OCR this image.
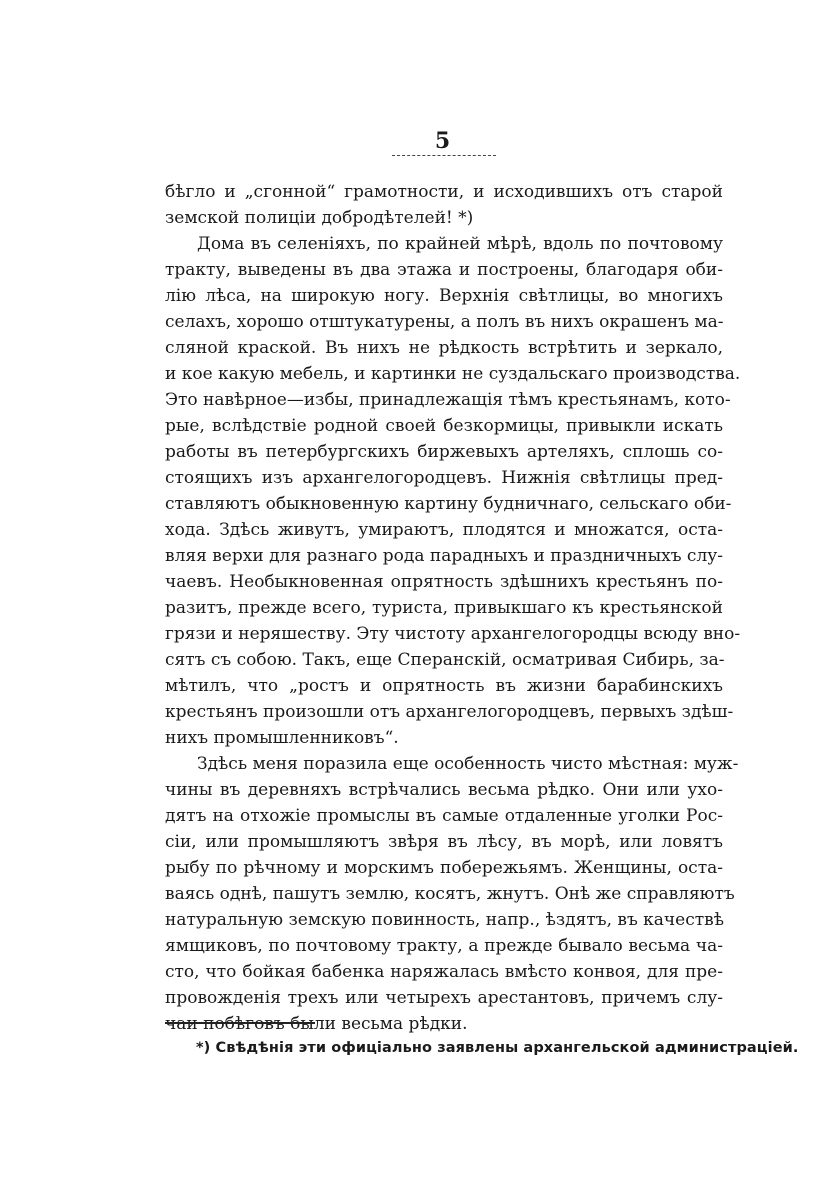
5
бѣгло и „сгонной“ грамотности, и исходившихъ отъ старой
земской полиціи добродѣтелей! *)
Дома въ селеніяхъ, по крайней мѣрѣ, вдоль по почтовому
тракту, выведены въ два этажа и построены, благодаря оби-
лію лѣса, на широкую ногу. Верхнія свѣтлицы, во многихъ
селахъ, хорошо отштукатурены, а полъ въ нихъ окрашенъ ма-
сляной краской. Въ нихъ не рѣдкость встрѣтить и зеркало,
и кое какую мебель, и картинки не суздальскаго производства.
Это навѣрное—избы, принадлежащія тѣмъ крестьянамъ, кото-
рые, вслѣдствіе родной своей безкормицы, привыкли искать
работы въ петербургскихъ биржевыхъ артеляхъ, сплошь со-
стоящихъ изъ архангелогородцевъ. Нижнія свѣтлицы пред-
ставляютъ обыкновенную картину будничнаго, сельскаго оби-
хода. Здѣсь живутъ, умираютъ, плодятся и множатся, оста-
вляя верхи для разнаго рода парадныхъ и праздничныхъ слу-
чаевъ. Необыкновенная опрятность здѣшнихъ крестьянъ по-
разитъ, прежде всего, туриста, привыкшаго къ крестьянской
грязи и неряшеству. Эту чистоту архангелогородцы всюду вно-
сятъ съ собою. Такъ, еще Сперанскій, осматривая Сибирь, за-
мѣтилъ, что „ростъ и опрятность въ жизни барабинскихъ
крестьянъ произошли отъ архангелогородцевъ, первыхъ здѣш-
нихъ промышленниковъ“.
Здѣсь меня поразила еще особенность чисто мѣстная: муж-
чины въ деревняхъ встрѣчались весьма рѣдко. Они или ухо-
дятъ на отхожіе промыслы въ самые отдаленные уголки Рос-
сіи, или промышляютъ звѣря въ лѣсу, въ морѣ, или ловятъ
рыбу по рѣчному и морскимъ побережьямъ. Женщины, оста-
ваясь однѣ, пашутъ землю, косятъ, жнутъ. Онѣ же справляютъ
натуральную земскую повинность, напр., ѣздятъ, въ качествѣ
ямщиковъ, по почтовому тракту, а прежде бывало весьма ча-
сто, что бойкая бабенка наряжалась вмѣсто конвоя, для пре-
провожденія трехъ или четырехъ арестантовъ, причемъ слу-
чаи побѣговъ были весьма рѣдки.
*) Свѣдѣнія эти офиціально заявлены архангельской администраціей.
